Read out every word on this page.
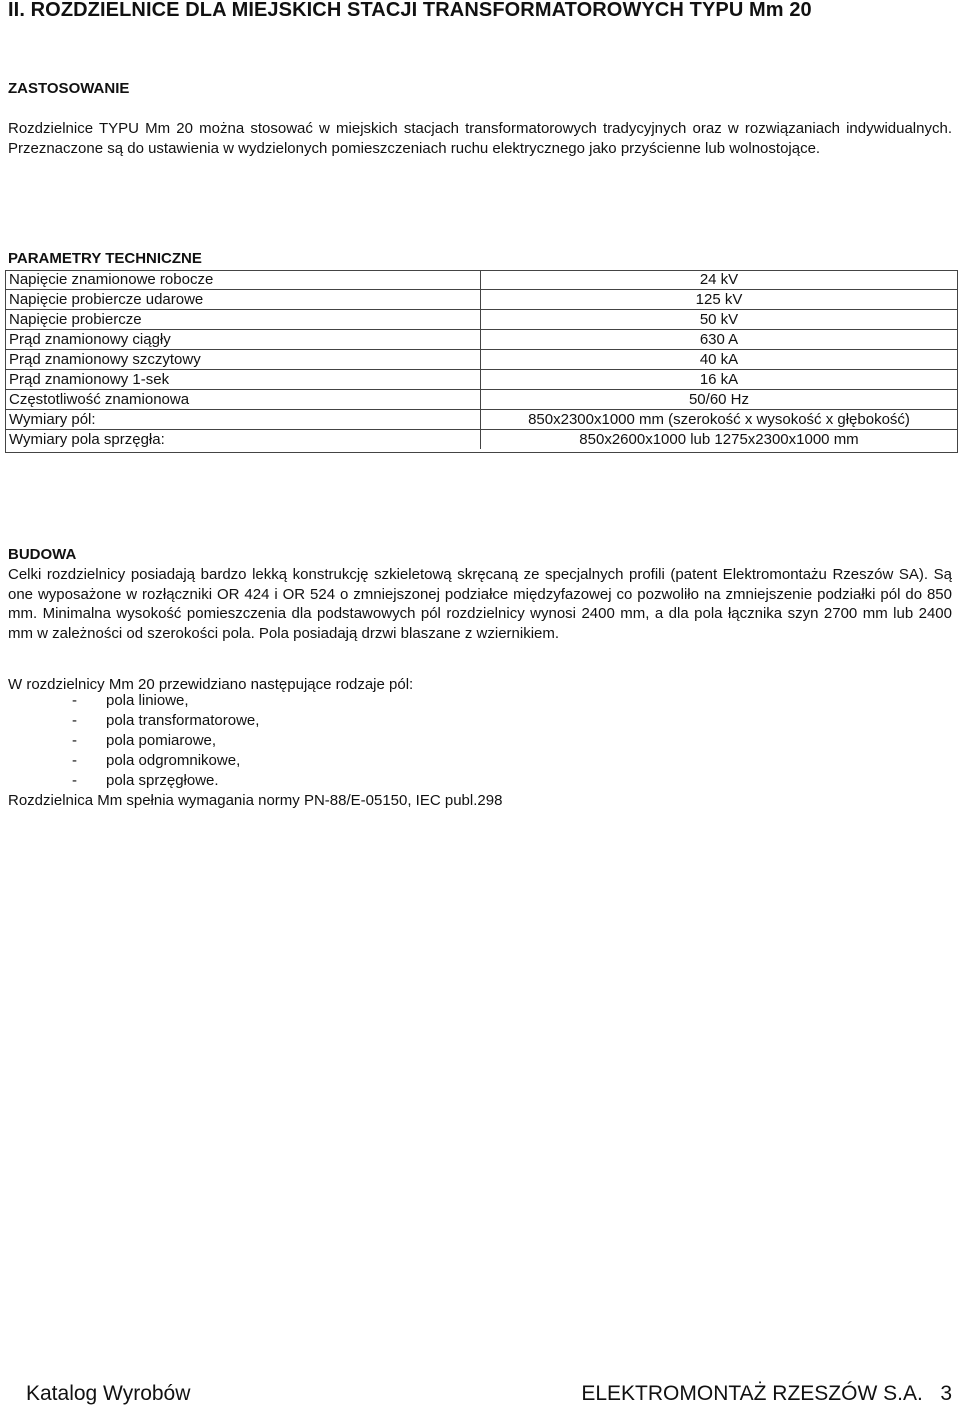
II. ROZDZIELNICE DLA MIEJSKICH STACJI TRANSFORMATOROWYCH TYPU Mm 20
ZASTOSOWANIE

Rozdzielnice TYPU Mm 20 można stosować w miejskich stacjach transformatorowych tradycyjnych oraz w rozwiązaniach indywidualnych. Przeznaczone są do ustawienia w wydzielonych pomieszczeniach ruchu elektrycznego jako przyścienne lub wolnostojące.

PARAMETRY TECHNICZNE
Napięcie znamionowe robocze	24 kV
Napięcie probiercze udarowe	125 kV
Napięcie probiercze	50 kV
Prąd znamionowy ciągły	630 A
Prąd znamionowy szczytowy	40 kA
Prąd znamionowy 1-sek	16 kA
Częstotliwość znamionowa	50/60 Hz
Wymiary pól:	850x2300x1000 mm (szerokość x wysokość x głębokość)
Wymiary pola sprzęgła:	850x2600x1000 lub 1275x2300x1000 mm
BUDOWA

Celki rozdzielnicy posiadają bardzo lekką konstrukcję szkieletową skręcaną ze specjalnych profili (patent Elektromontażu Rzeszów SA). Są one wyposażone w rozłączniki OR 424 i OR 524 o zmniejszonej podziałce międzyfazowej co pozwoliło na zmniejszenie podziałki pól do 850 mm. Minimalna wysokość pomieszczenia dla podstawowych pól rozdzielnicy wynosi 2400 mm, a dla pola łącznika szyn 2700 mm lub 2400 mm w zależności od szerokości pola. Pola posiadają drzwi blaszane z wziernikiem.

W rozdzielnicy Mm 20 przewidziano następujące rodzaje pól:

- pola liniowe,
- pola transformatorowe,
- pola pomiarowe,
- pola odgromnikowe,
- pola sprzęgłowe.

Rozdzielnica Mm spełnia wymagania normy PN-88/E-05150, IEC publ.298

Katalog Wyrobów	ELEKTROMONTAŻ RZESZÓW S.A.   3
